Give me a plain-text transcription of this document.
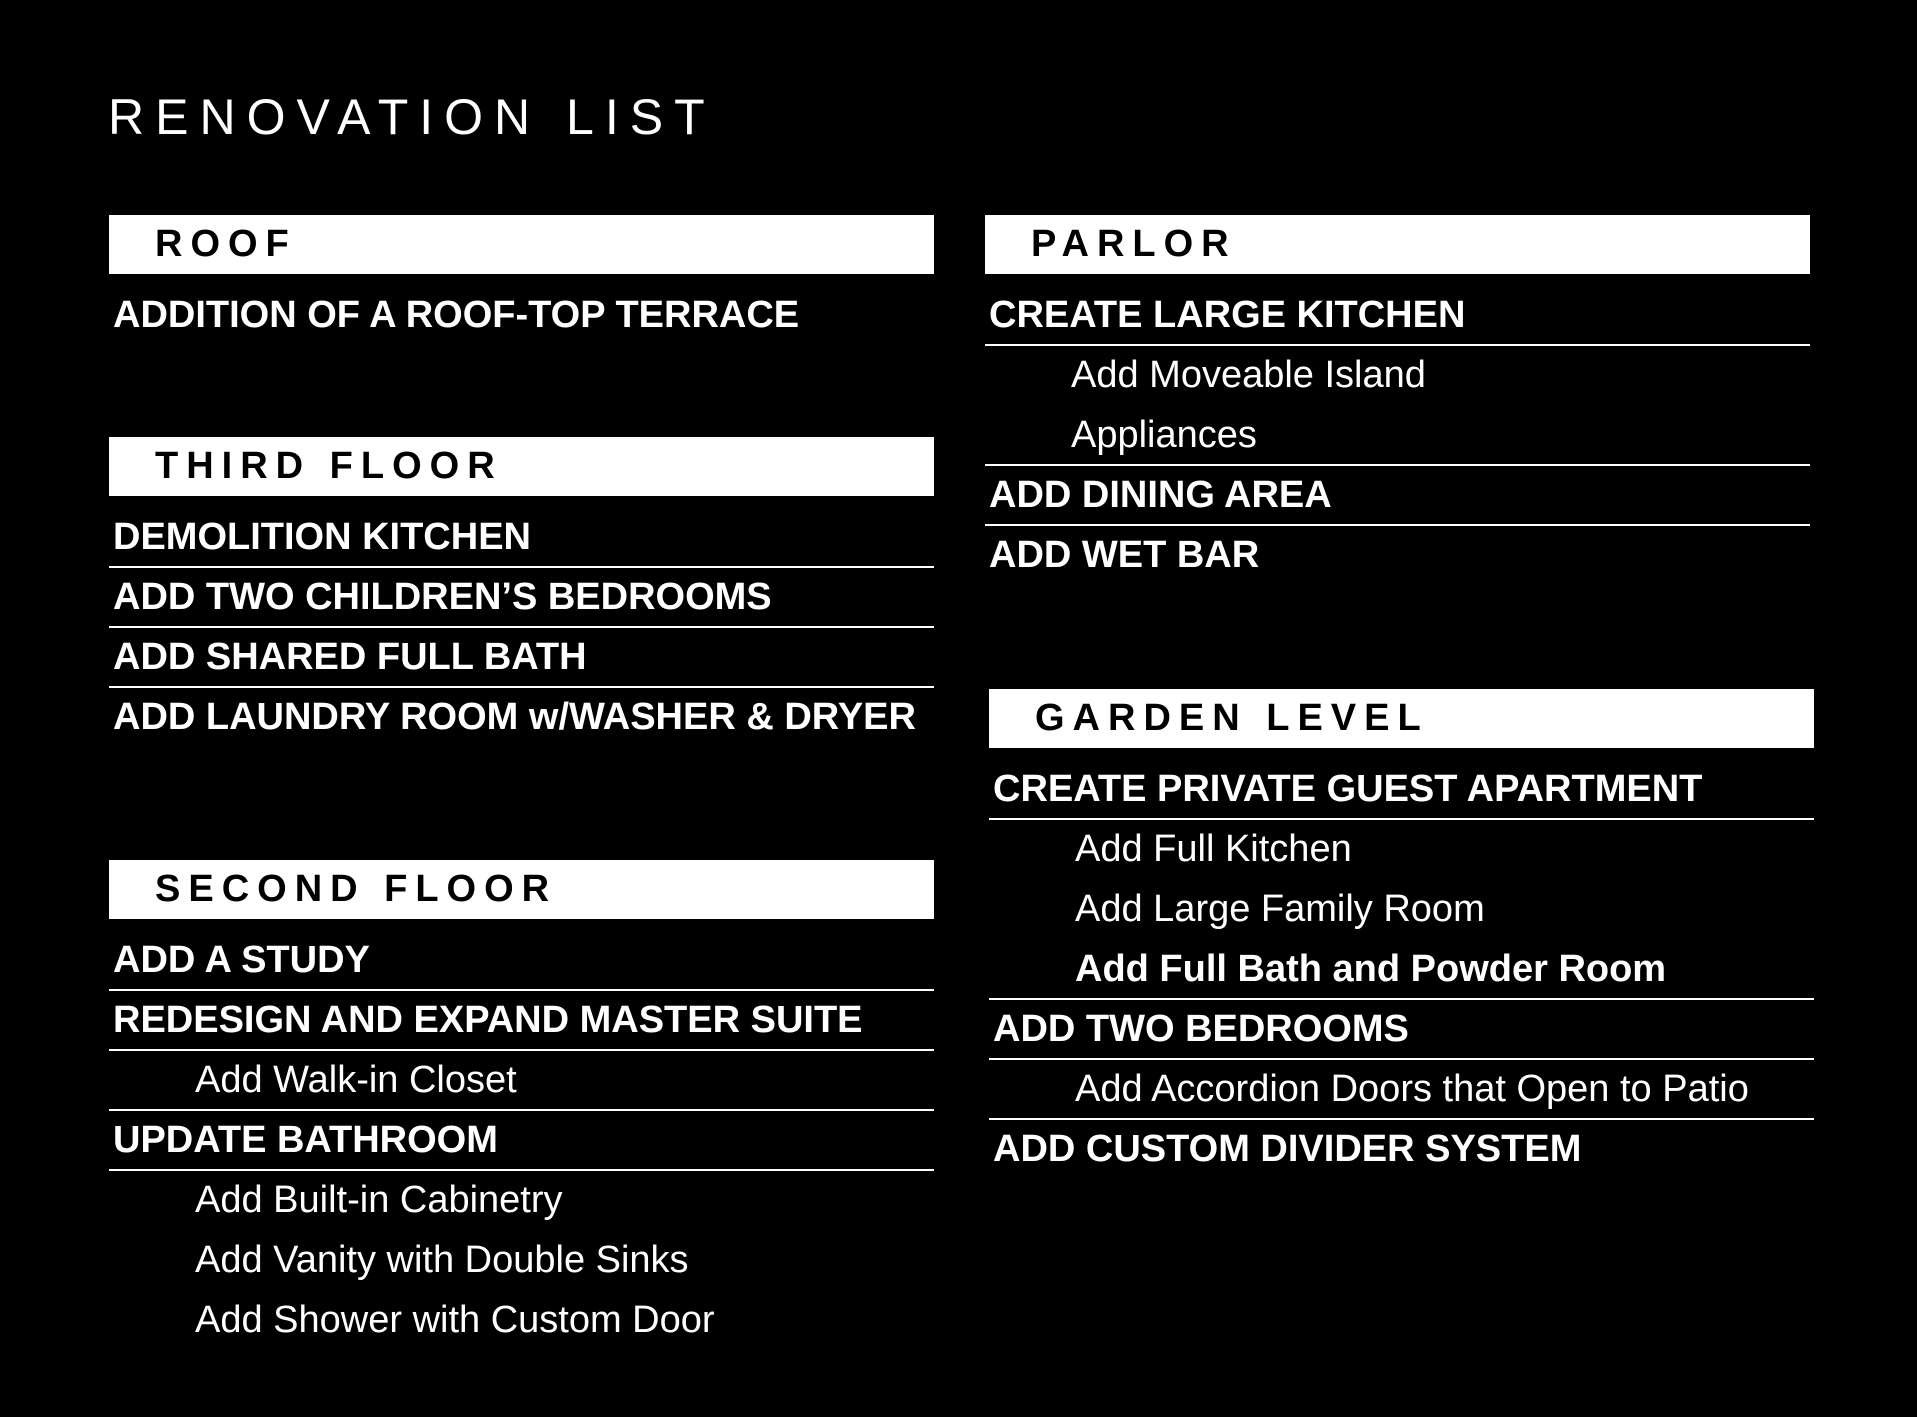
RENOVATION LIST
ROOF
ADDITION OF A ROOF-TOP TERRACE
THIRD FLOOR
DEMOLITION KITCHEN
ADD TWO CHILDREN’S BEDROOMS
ADD SHARED FULL BATH
ADD LAUNDRY ROOM w/WASHER & DRYER
SECOND FLOOR
ADD A STUDY
REDESIGN AND EXPAND MASTER SUITE
Add Walk-in Closet
UPDATE BATHROOM
Add Built-in Cabinetry
Add Vanity with Double Sinks
Add Shower with Custom Door
PARLOR
CREATE LARGE KITCHEN
Add Moveable Island
Appliances
ADD DINING AREA
ADD WET BAR
GARDEN LEVEL
CREATE PRIVATE GUEST APARTMENT
Add Full Kitchen
Add Large Family Room
Add Full Bath and Powder Room
ADD TWO BEDROOMS
Add Accordion Doors that Open to Patio
ADD CUSTOM DIVIDER SYSTEM
